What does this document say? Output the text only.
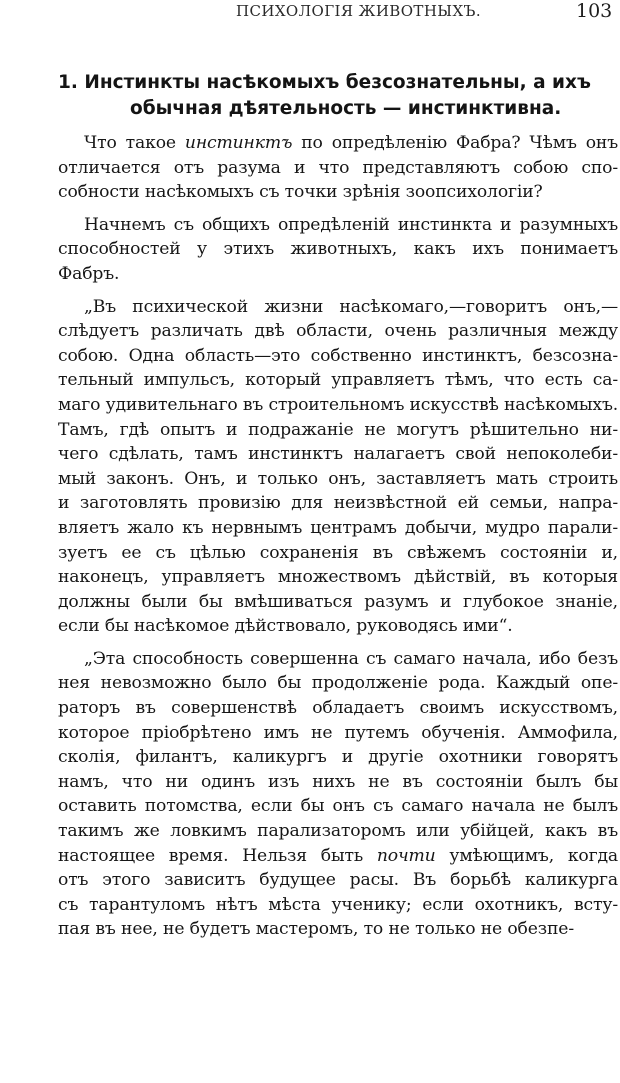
ПСИХОЛОГІЯ ЖИВОТНЫХЪ.	103
1. Инстинкты насѣкомыхъ безсознательны, а ихъ
обычная дѣятельность — инстинктивна.
Что такое инстинктъ по опредѣленію Фабра? Чѣмъ онъ
отличается отъ разума и что представляютъ собою спо-
собности насѣкомыхъ съ точки зрѣнія зоопсихологіи?
Начнемъ съ общихъ опредѣленій инстинкта и разумныхъ
способностей у этихъ животныхъ, какъ ихъ понимаетъ
Фабръ.
„Въ психической жизни насѣкомаго,—говоритъ онъ,—
слѣдуетъ различать двѣ области, очень различныя между
собою. Одна область—это собственно инстинктъ, безсозна-
тельный импульсъ, который управляетъ тѣмъ, что есть са-
маго удивительнаго въ строительномъ искусствѣ насѣкомыхъ.
Тамъ, гдѣ опытъ и подражаніе не могутъ рѣшительно ни-
чего сдѣлать, тамъ инстинктъ налагаетъ свой непоколеби-
мый законъ. Онъ, и только онъ, заставляетъ мать строить
и заготовлять провизію для неизвѣстной ей семьи, напра-
вляетъ жало къ нервнымъ центрамъ добычи, мудро парали-
зуетъ ее съ цѣлью сохраненія въ свѣжемъ состояніи и,
наконецъ, управляетъ множествомъ дѣйствій, въ которыя
должны были бы вмѣшиваться разумъ и глубокое знаніе,
если бы насѣкомое дѣйствовало, руководясь ими“.
„Эта способность совершенна съ самаго начала, ибо безъ
нея невозможно было бы продолженіе рода. Каждый опе-
раторъ въ совершенствѣ обладаетъ своимъ искусствомъ,
которое пріобрѣтено имъ не путемъ обученія. Аммофила,
сколія, филантъ, каликургъ и другіе охотники говорятъ
намъ, что ни одинъ изъ нихъ не въ состояніи былъ бы
оставить потомства, если бы онъ съ самаго начала не былъ
такимъ же ловкимъ парализаторомъ или убійцей, какъ въ
настоящее время. Нельзя быть почти умѣющимъ, когда
отъ этого зависитъ будущее расы. Въ борьбѣ каликурга
съ тарантуломъ нѣтъ мѣста ученику; если охотникъ, всту-
пая въ нее, не будетъ мастеромъ, то не только не обезпе-
